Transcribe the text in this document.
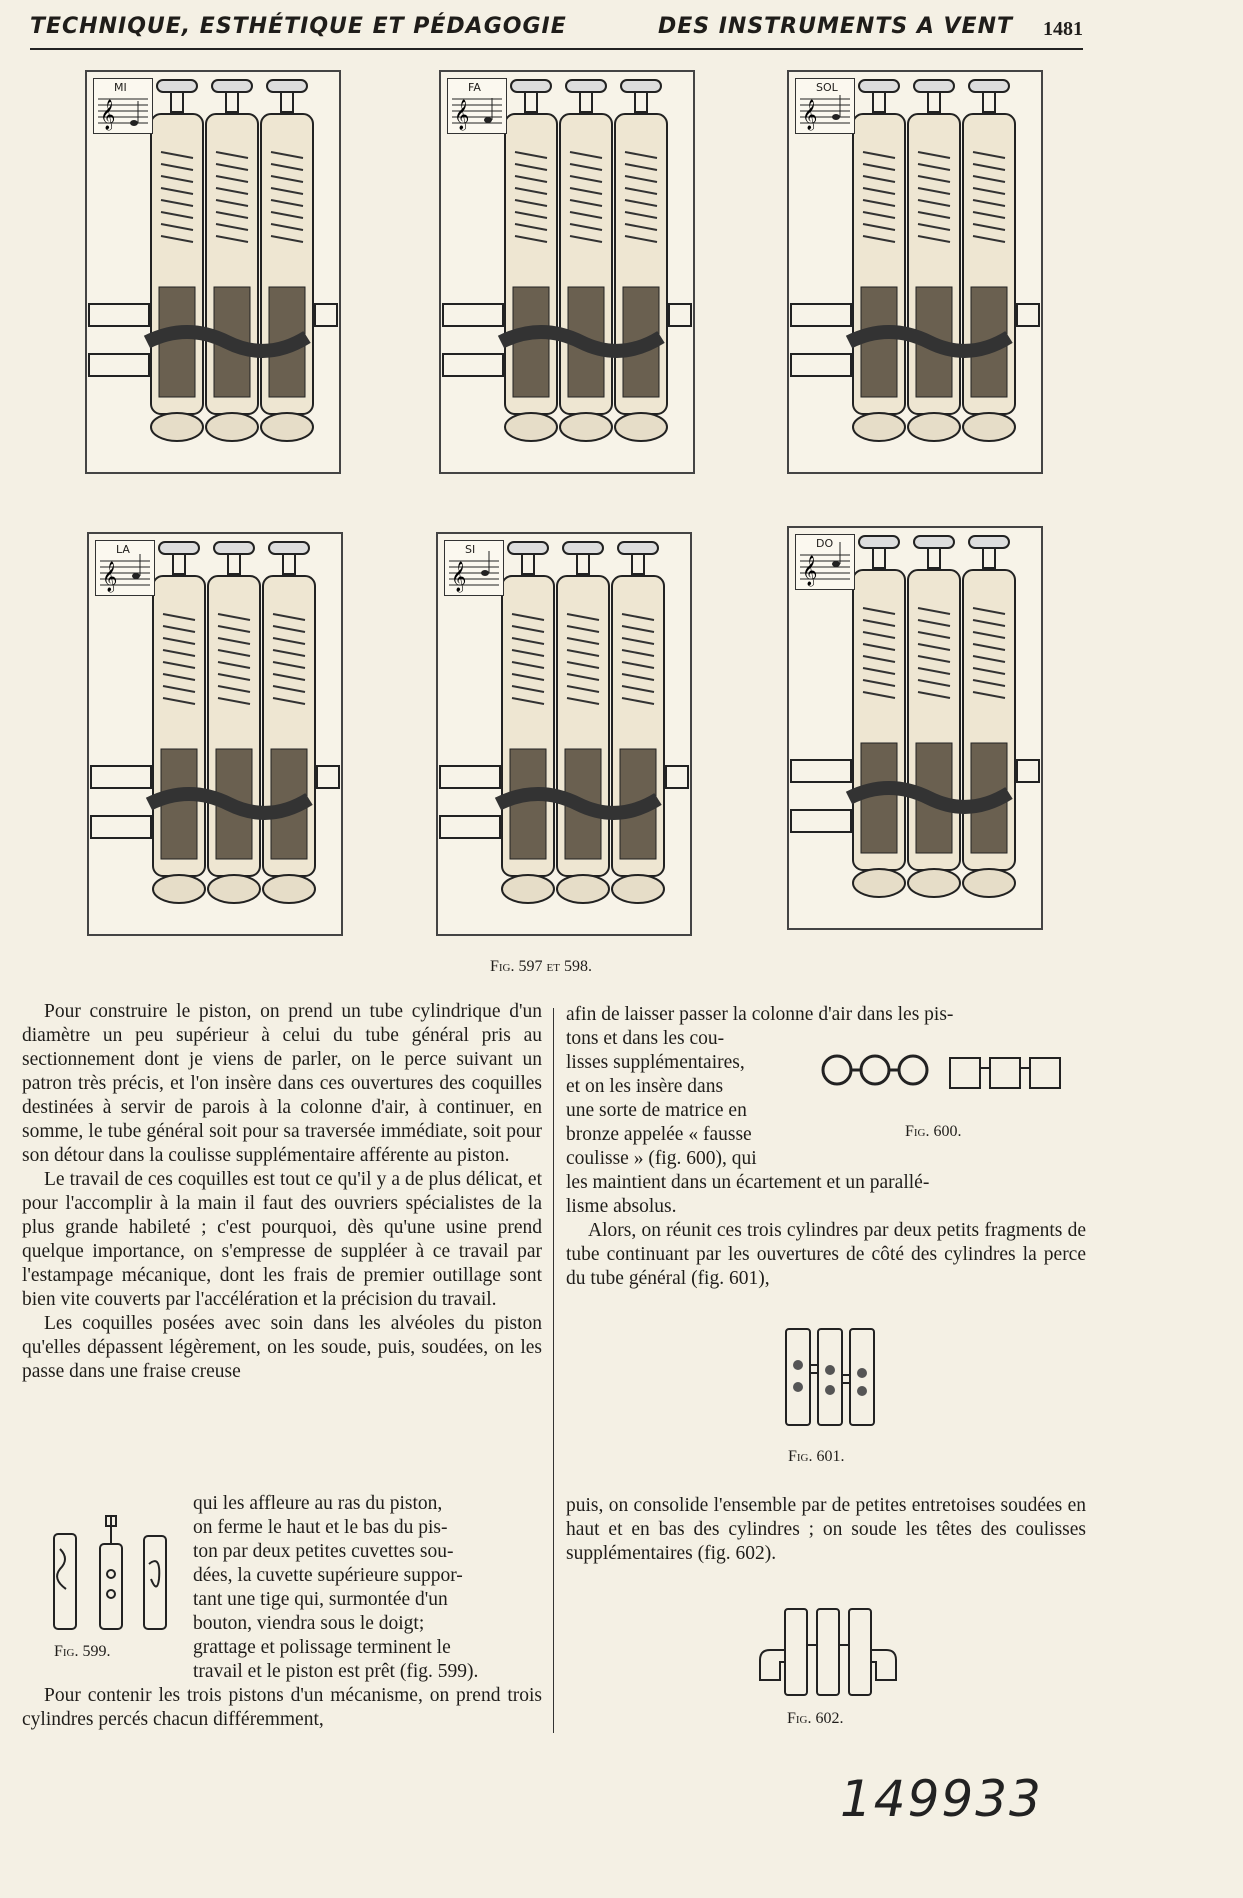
TECHNIQUE, ESTHÉTIQUE ET PÉDAGOGIE	DES INSTRUMENTS A VENT 1481
MI
𝄞
FA
𝄞
SOL
𝄞
LA
𝄞
SI
𝄞
DO
𝄞
Fig. 597 et 598.

Pour construire le piston, on prend un tube cylindrique d'un diamètre un peu supérieur à celui du tube général pris au sectionnement dont je viens de parler, on le perce suivant un patron très précis, et l'on insère dans ces ouvertures des coquilles destinées à servir de parois à la colonne d'air, à continuer, en somme, le tube général soit pour sa traversée immédiate, soit pour son détour dans la coulisse supplémentaire afférente au piston.

Le travail de ces coquilles est tout ce qu'il y a de plus délicat, et pour l'accomplir à la main il faut des ouvriers spécialistes de la plus grande habileté ; c'est pourquoi, dès qu'une usine prend quelque importance, on s'empresse de suppléer à ce travail par l'estampage mécanique, dont les frais de premier outillage sont bien vite couverts par l'accélération et la précision du travail.

Les coquilles posées avec soin dans les alvéoles du piston qu'elles dépassent légèrement, on les soude, puis, soudées, on les passe dans une fraise creuse

Fig. 599.
qui les affleure au ras du piston,
on ferme le haut et le bas du pis-
ton par deux petites cuvettes sou-
dées, la cuvette supérieure suppor-
tant une tige qui, surmontée d'un
bouton, viendra sous le doigt;
grattage et polissage terminent le
travail et le piston est prêt (fig. 599).
Pour contenir les trois pistons d'un mécanisme, on prend trois cylindres percés chacun différemment,
afin de laisser passer la colonne d'air dans les pis-
tons et dans les cou-
lisses supplémentaires,
et on les insère dans
une sorte de matrice en
bronze appelée « fausse
coulisse » (fig. 600), qui
Fig. 600.
les maintient dans un écartement et un parallé-
lisme absolus.
Alors, on réunit ces trois cylindres par deux petits fragments de tube continuant par les ouvertures de côté des cylindres la perce du tube général (fig. 601),
Fig. 601.
puis, on consolide l'ensemble par de petites entretoises soudées en haut et en bas des cylindres ; on soude les têtes des coulisses supplémentaires (fig. 602).
Fig. 602.
149933
